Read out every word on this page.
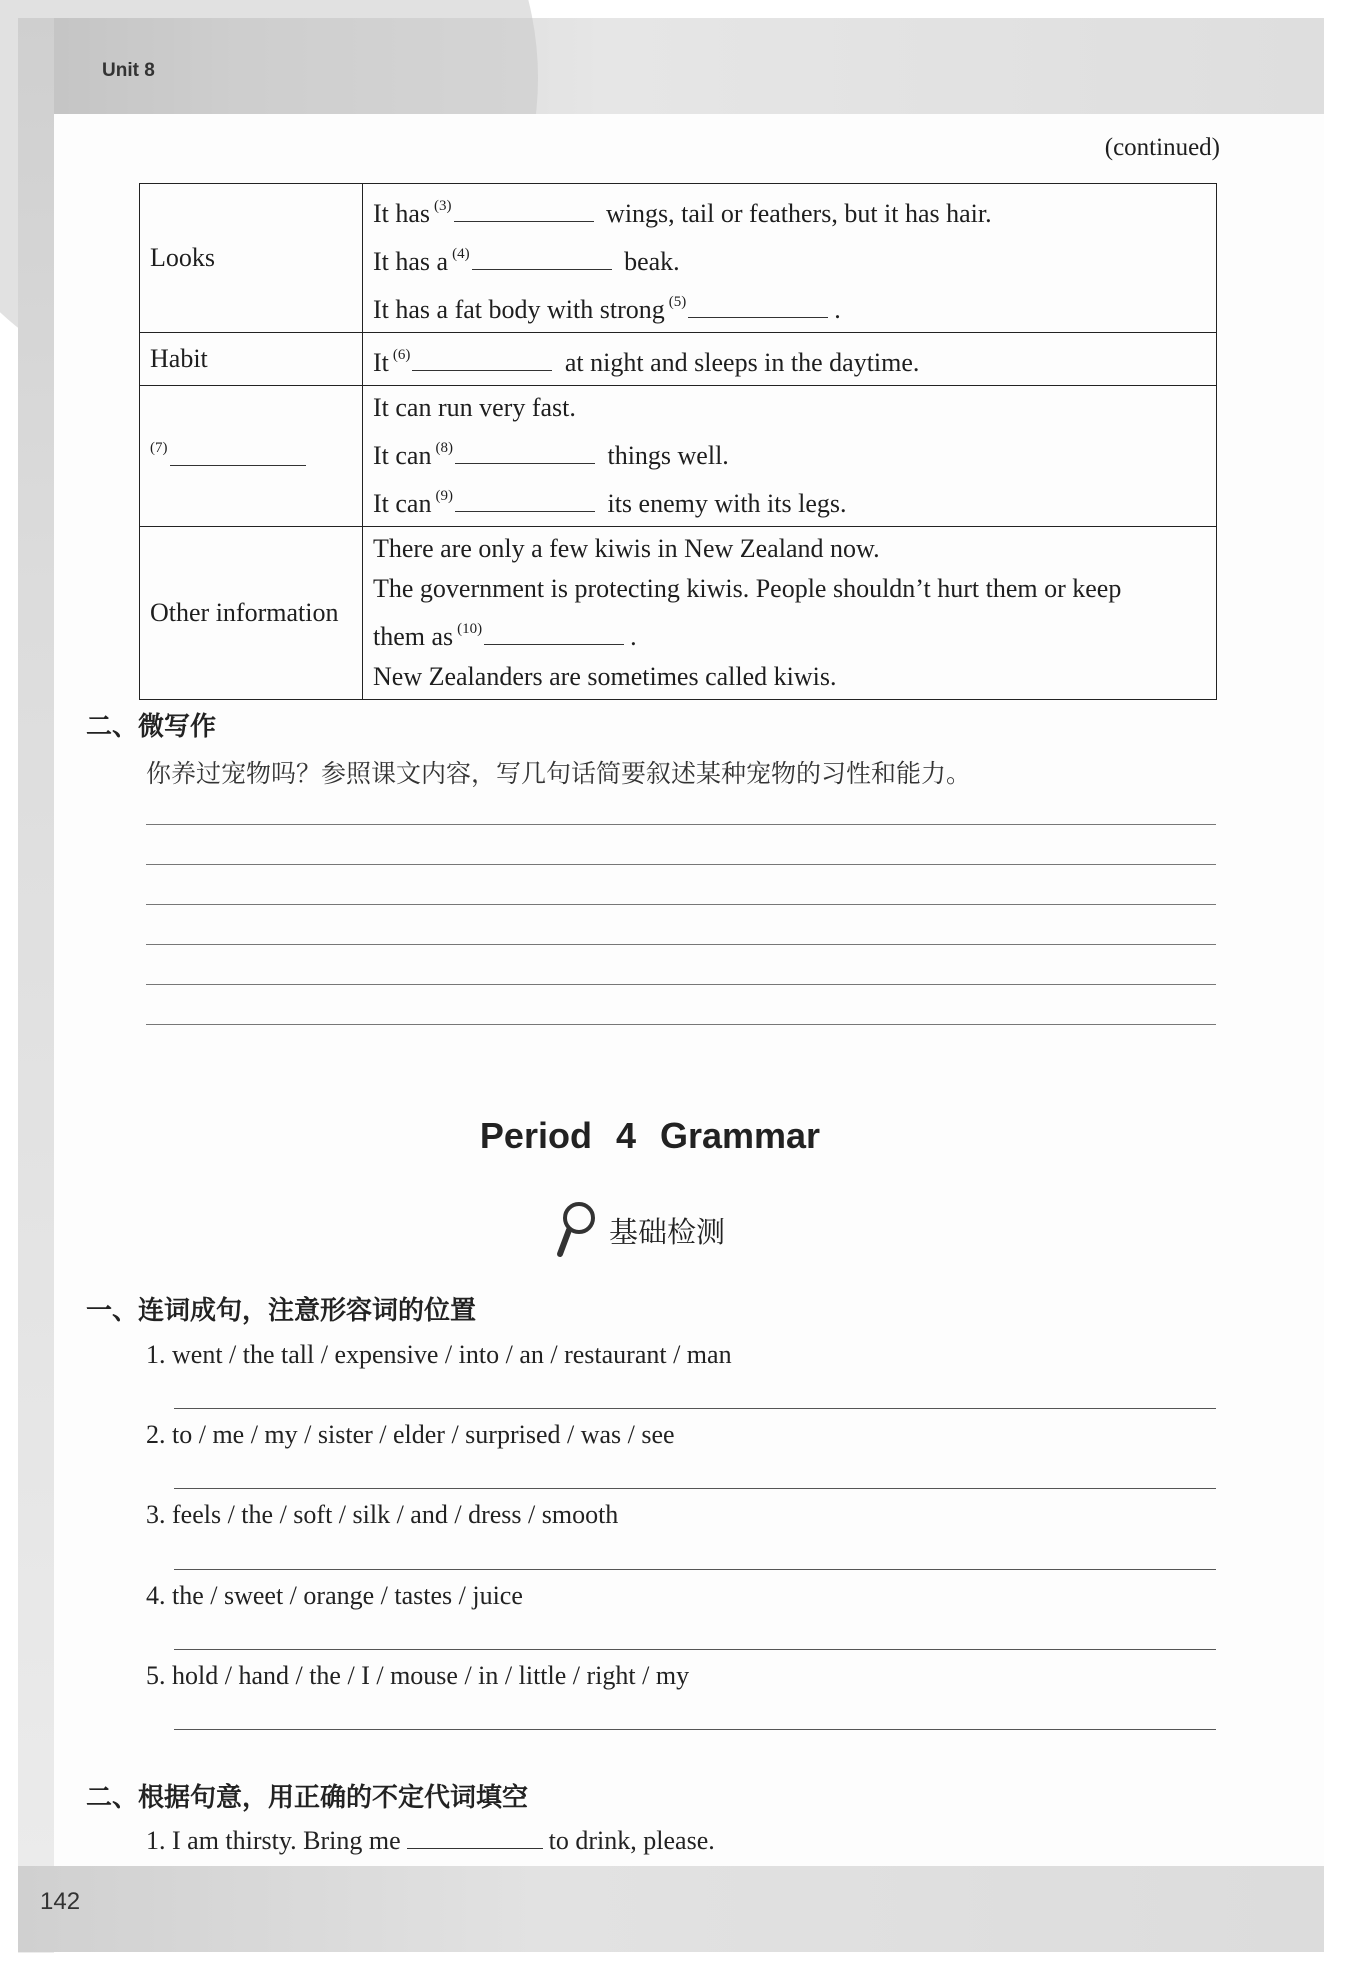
Unit 8
142
(continued)
Looks	It has $^{(3)}$ wings, tail or feathers, but it has hair.
It has a $^{(4)}$ beak.
It has a fat body with strong $^{(5)}$ .

Habit	It $^{(6)}$ at night and sleeps in the daytime.

$^{(7)}$	It can run very fast.
It can $^{(8)}$ things well.
It can $^{(9)}$ its enemy with its legs.

Other information	There are only a few kiwis in New Zealand now.
The government is protecting kiwis. People shouldn’t hurt them or keep
them as $^{(10)}$ .
New Zealanders are sometimes called kiwis.
二、微写作
你养过宠物吗？参照课文内容，写几句话简要叙述某种宠物的习性和能力。
Period 4 Grammar
基础检测
一、连词成句，注意形容词的位置
1. went / the tall / expensive / into / an / restaurant / man
2. to / me / my / sister / elder / surprised / was / see
3. feels / the / soft / silk / and / dress / smooth
4. the / sweet / orange / tastes / juice
5. hold / hand / the / I / mouse / in / little / right / my
二、根据句意，用正确的不定代词填空
1. I am thirsty. Bring me	to drink, please.
